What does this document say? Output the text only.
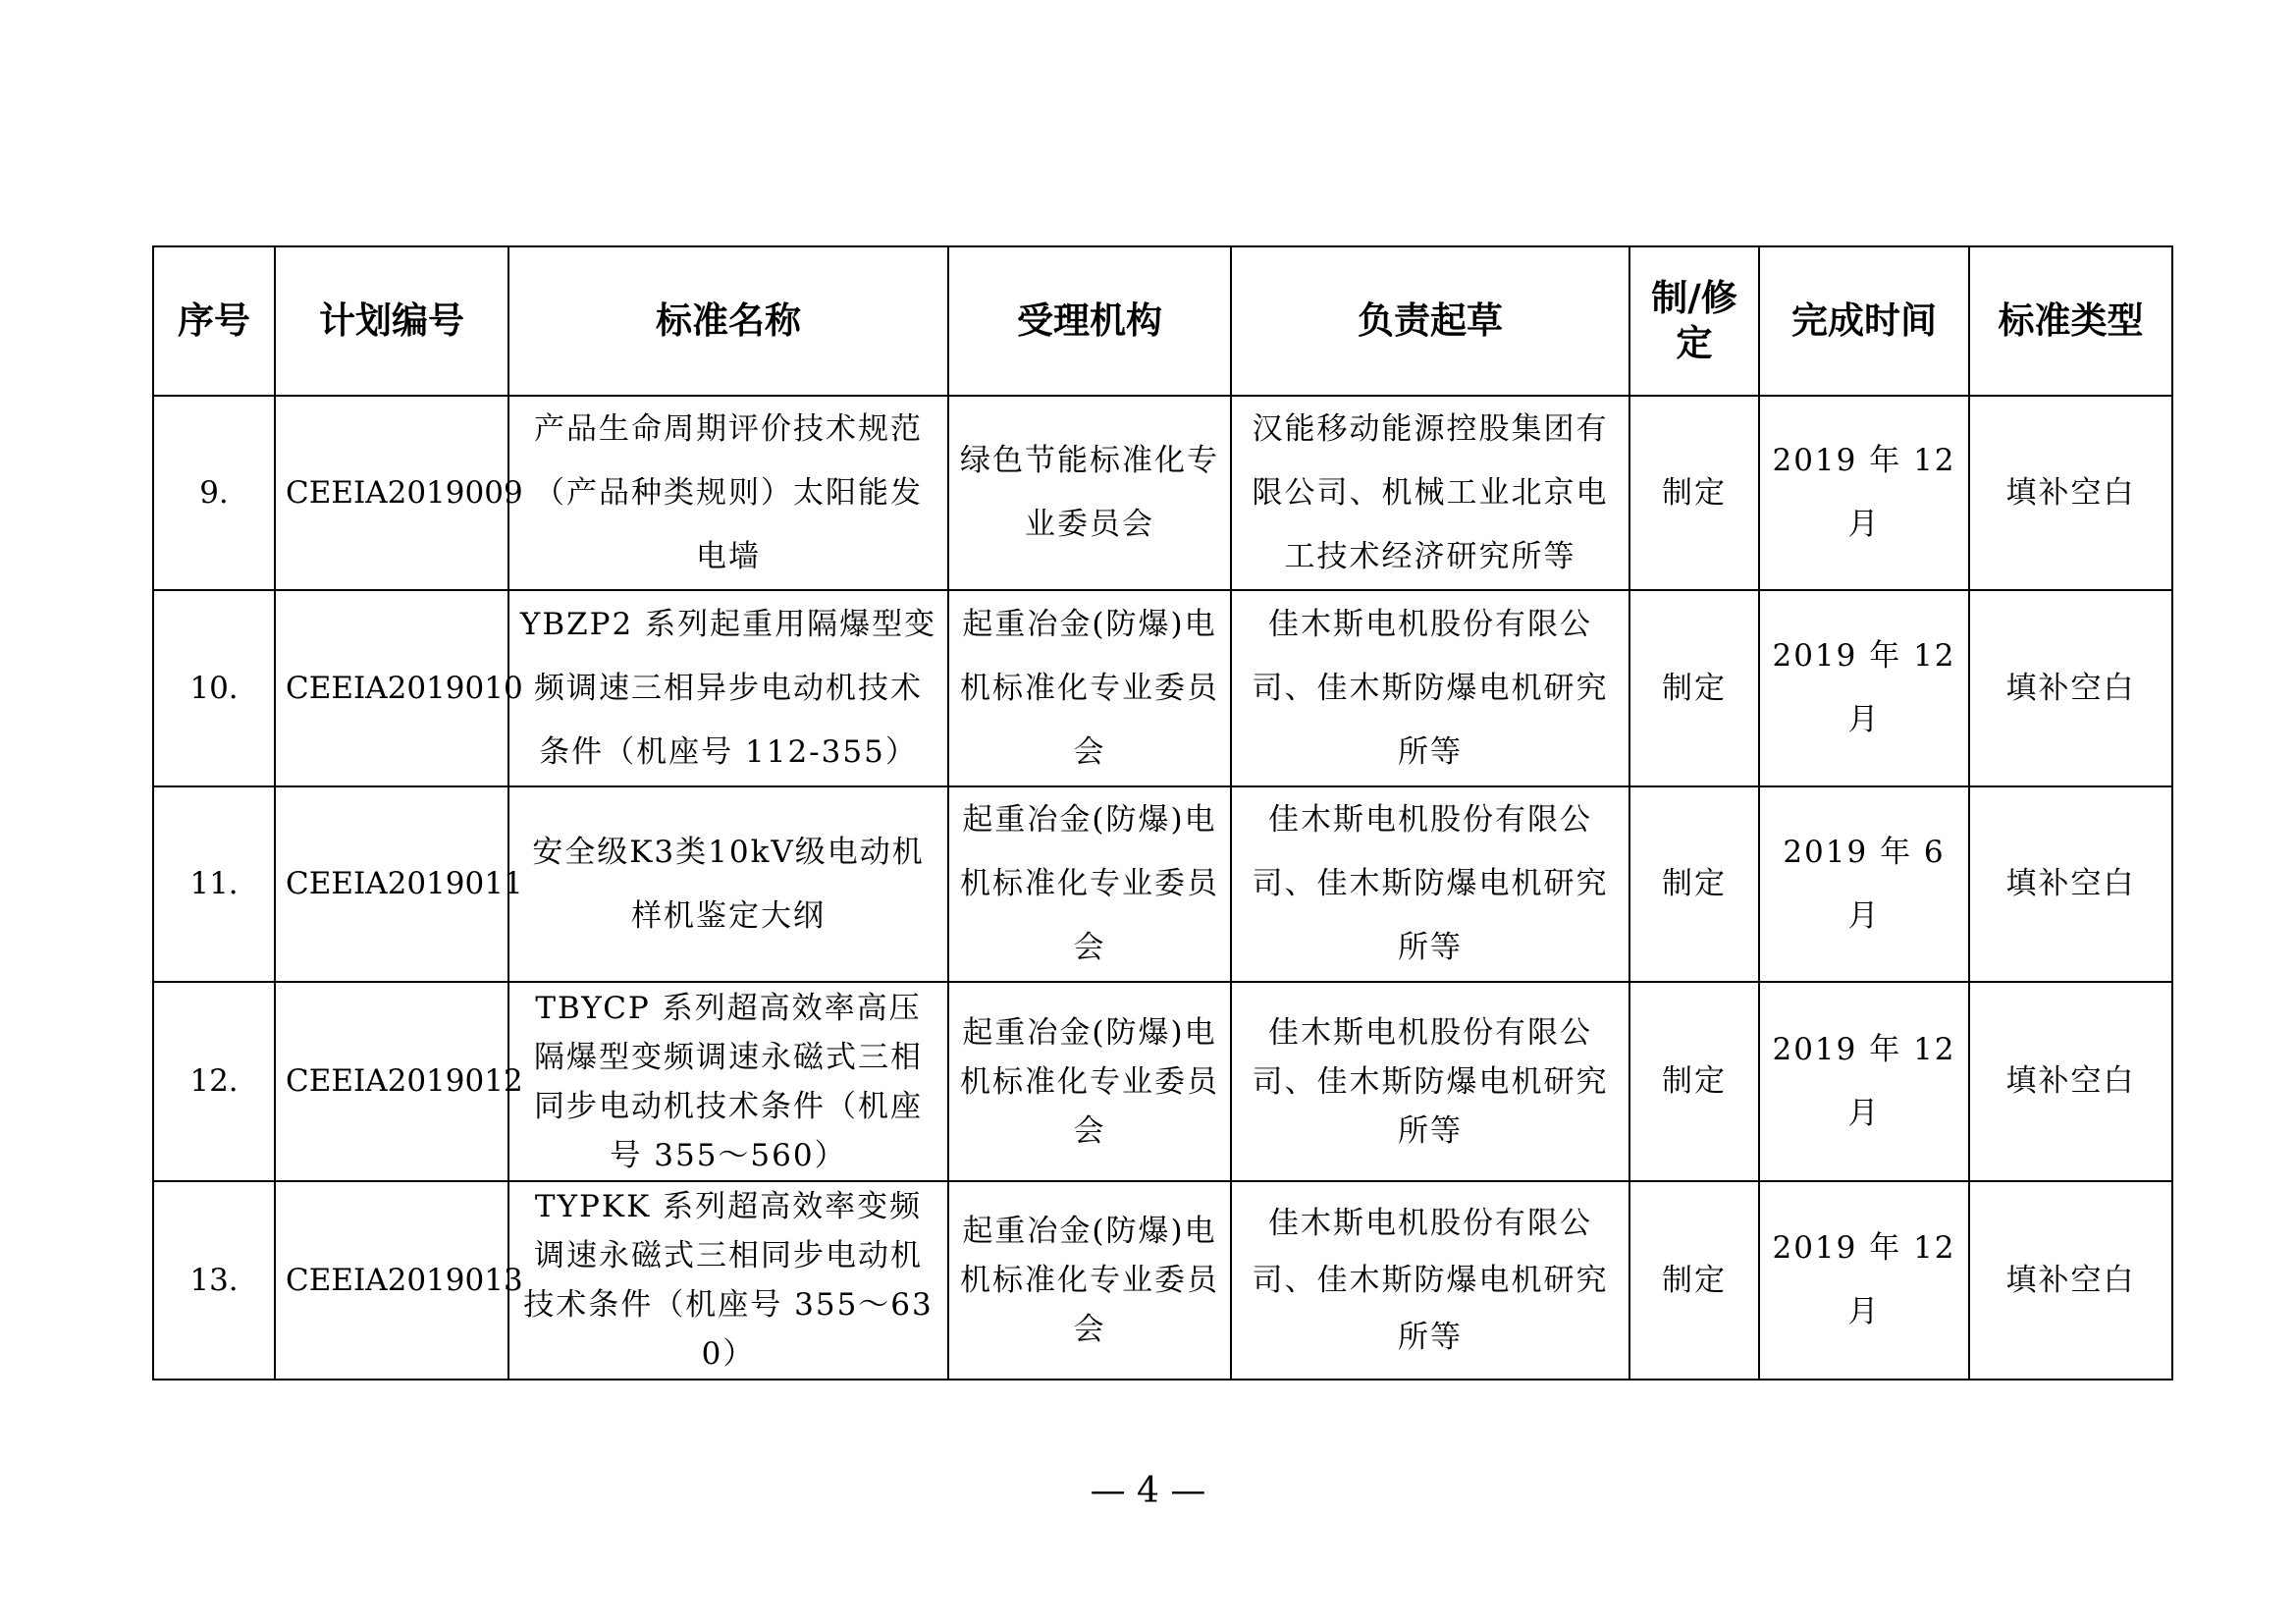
序号	计划编号	标准名称	受理机构	负责起草	制/修定	完成时间	标准类型
9.	CEEIA2019009	产品生命周期评价技术规范（产品种类规则）太阳能发电墙	绿色节能标准化专业委员会	汉能移动能源控股集团有限公司、机械工业北京电工技术经济研究所等	制定	2019 年 12 月	填补空白
10.	CEEIA2019010	YBZP2 系列起重用隔爆型变频调速三相异步电动机技术条件（机座号 112-355）	起重冶金(防爆)电机标准化专业委员会	佳木斯电机股份有限公司、佳木斯防爆电机研究所等	制定	2019 年 12 月	填补空白
11.	CEEIA2019011	安全级K3类10kV级电动机样机鉴定大纲	起重冶金(防爆)电机标准化专业委员会	佳木斯电机股份有限公司、佳木斯防爆电机研究所等	制定	2019 年 6 月	填补空白
12.	CEEIA2019012	TBYCP 系列超高效率高压隔爆型变频调速永磁式三相同步电动机技术条件（机座号 355～560）	起重冶金(防爆)电机标准化专业委员会	佳木斯电机股份有限公司、佳木斯防爆电机研究所等	制定	2019 年 12 月	填补空白
13.	CEEIA2019013	TYPKK 系列超高效率变频调速永磁式三相同步电动机技术条件（机座号 355～630）	起重冶金(防爆)电机标准化专业委员会	佳木斯电机股份有限公司、佳木斯防爆电机研究所等	制定	2019 年 12 月	填补空白
— 4 —
